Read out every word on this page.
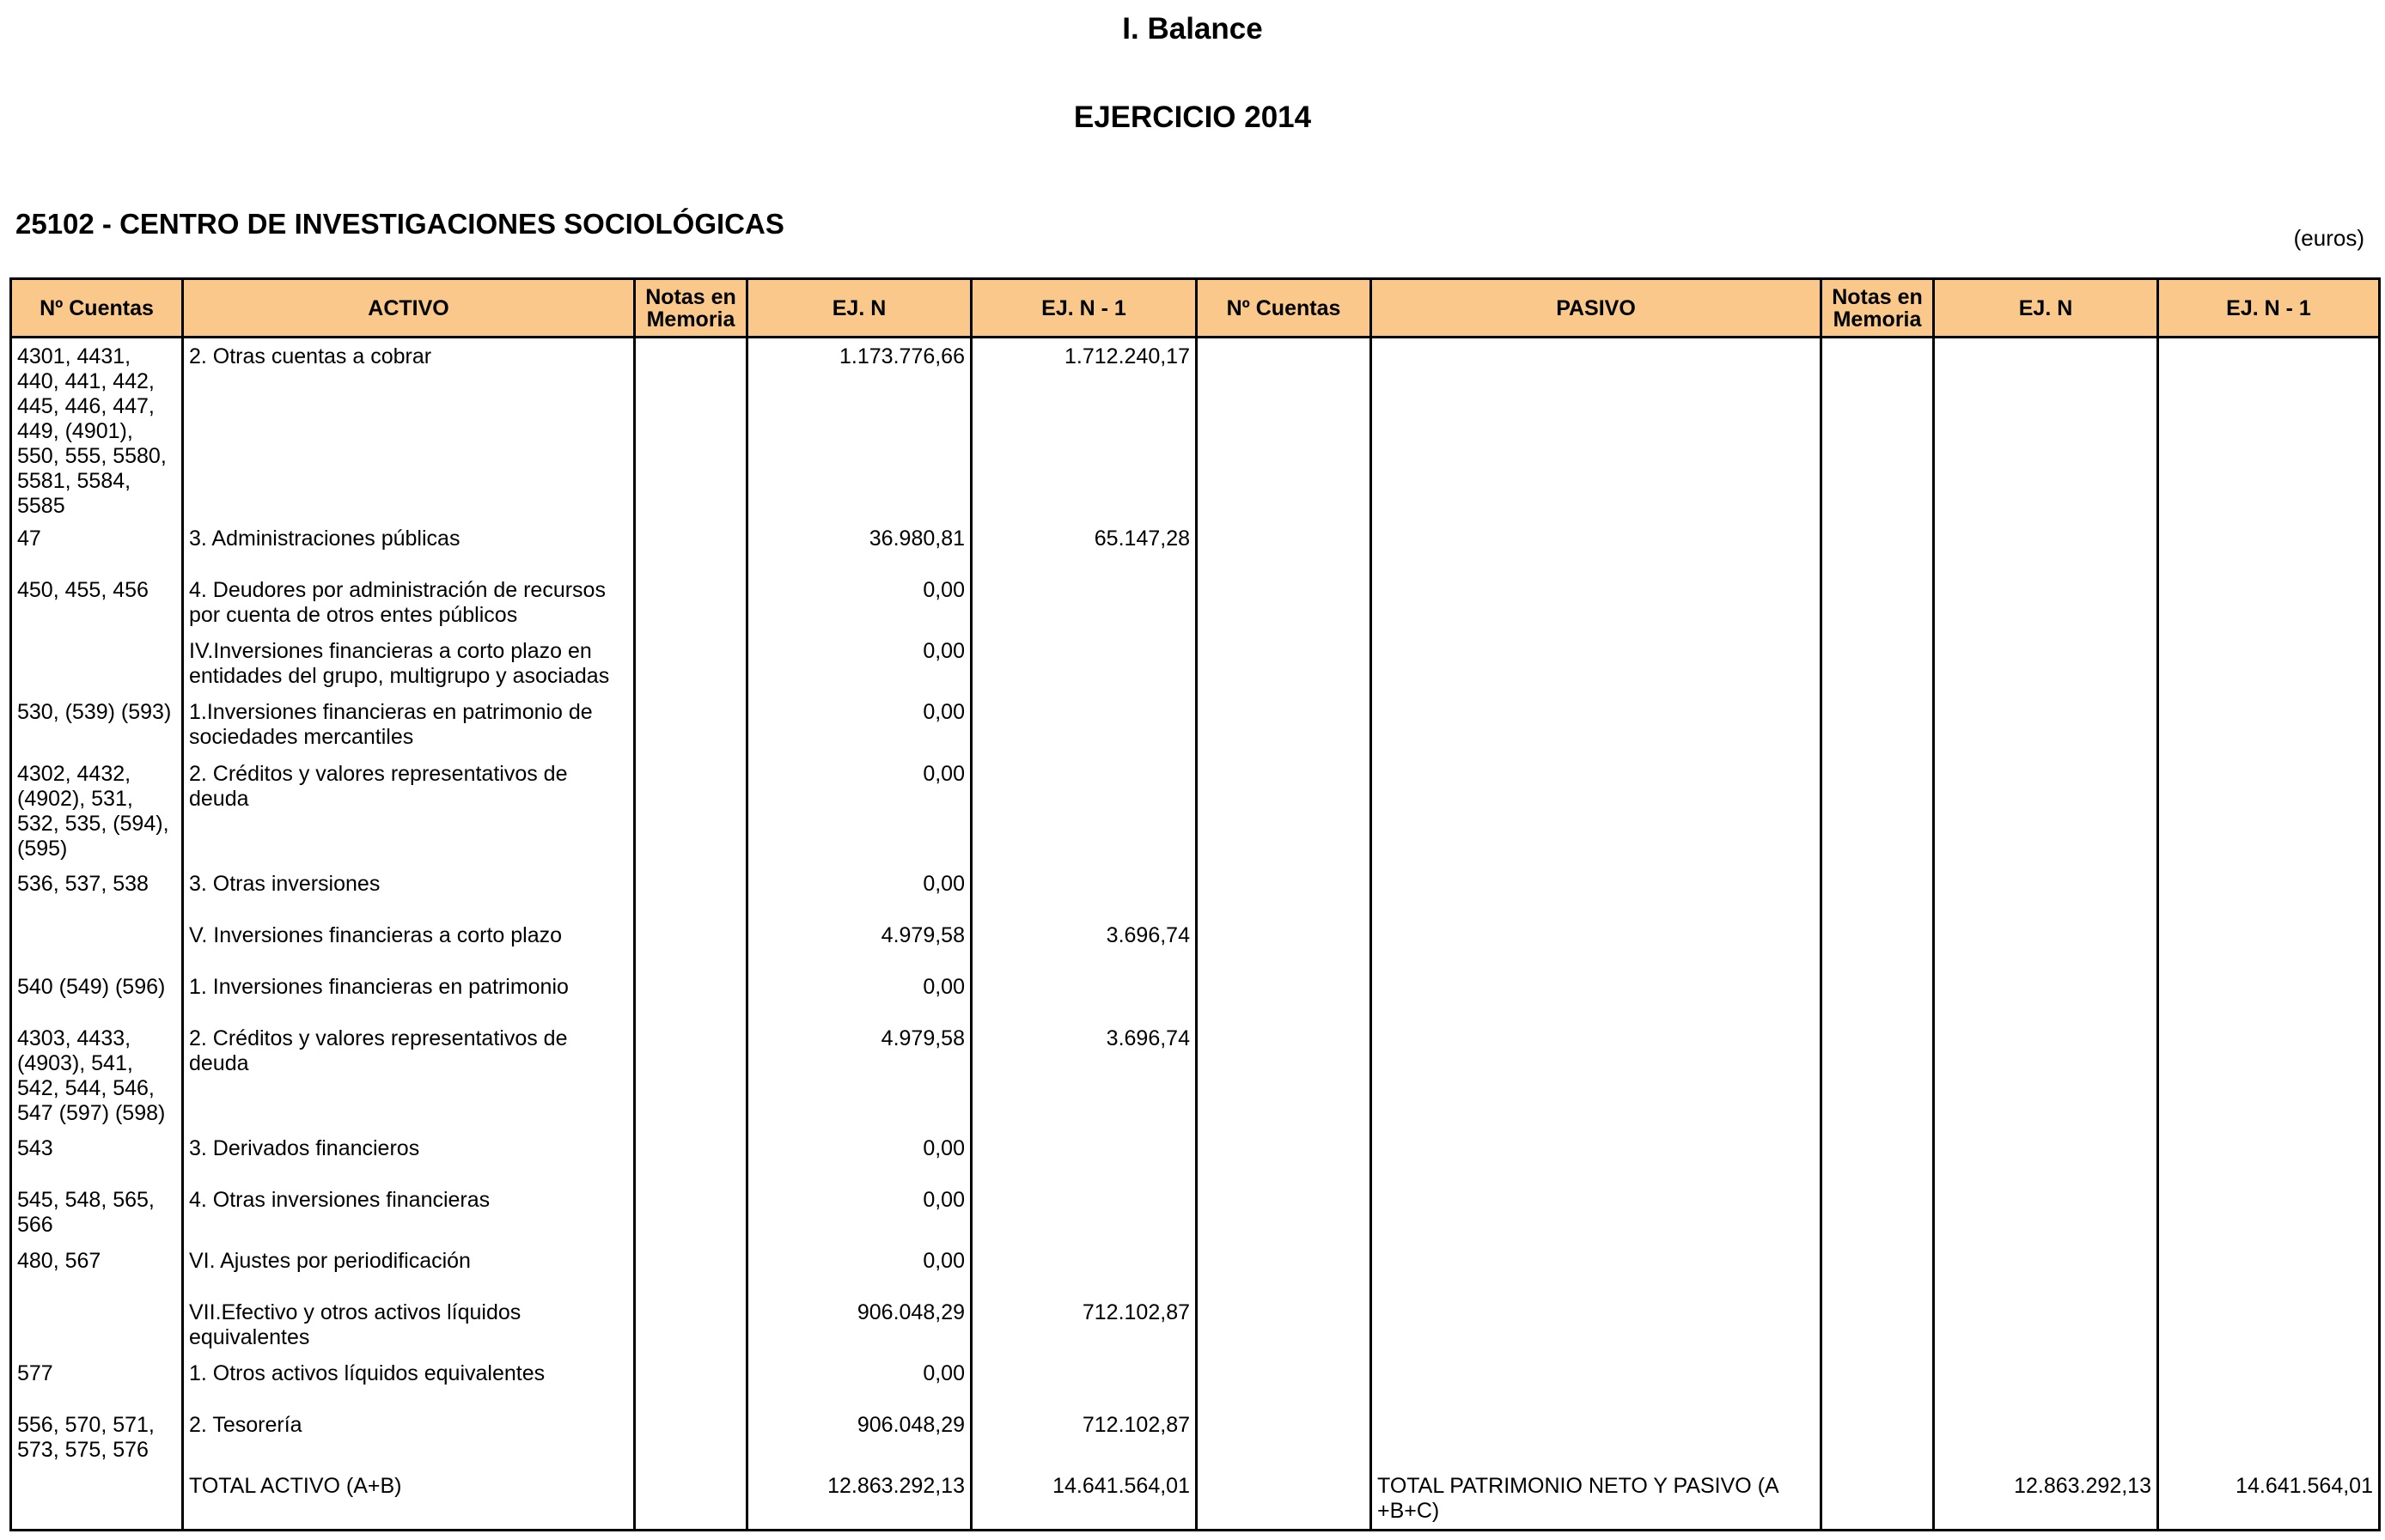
I. Balance
EJERCICIO 2014
25102 - CENTRO DE INVESTIGACIONES SOCIOLÓGICAS	(euros)
Nº Cuentas	ACTIVO	Notas en Memoria	EJ. N	EJ. N - 1	Nº Cuentas	PASIVO	Notas en Memoria	EJ. N	EJ. N - 1
4301, 4431, 440, 441, 442, 445, 446, 447, 449, (4901), 550, 555, 5580, 5581, 5584, 5585	2. Otras cuentas a cobrar		1.173.776,66	1.712.240,17					
47	3. Administraciones públicas		36.980,81	65.147,28					
450, 455, 456	4. Deudores por administración de recursos por cuenta de otros entes públicos		0,00						
	IV.Inversiones financieras a corto plazo en entidades del grupo, multigrupo y asociadas		0,00						
530, (539) (593)	1.Inversiones financieras en patrimonio de sociedades mercantiles		0,00						
4302, 4432, (4902), 531, 532, 535, (594), (595)	2. Créditos y valores representativos de deuda		0,00						
536, 537, 538	3. Otras inversiones		0,00						
	V. Inversiones financieras a corto plazo		4.979,58	3.696,74					
540 (549) (596)	1. Inversiones financieras en patrimonio		0,00						
4303, 4433, (4903), 541, 542, 544, 546, 547 (597) (598)	2. Créditos y valores representativos de deuda		4.979,58	3.696,74					
543	3. Derivados financieros		0,00						
545, 548, 565, 566	4. Otras inversiones financieras		0,00						
480, 567	VI. Ajustes por periodificación		0,00						
	VII.Efectivo y otros activos líquidos equivalentes		906.048,29	712.102,87					
577	1. Otros activos líquidos equivalentes		0,00						
556, 570, 571, 573, 575, 576	2. Tesorería		906.048,29	712.102,87					
	TOTAL ACTIVO (A+B)		12.863.292,13	14.641.564,01		TOTAL PATRIMONIO NETO Y PASIVO (A +B+C)		12.863.292,13	14.641.564,01
